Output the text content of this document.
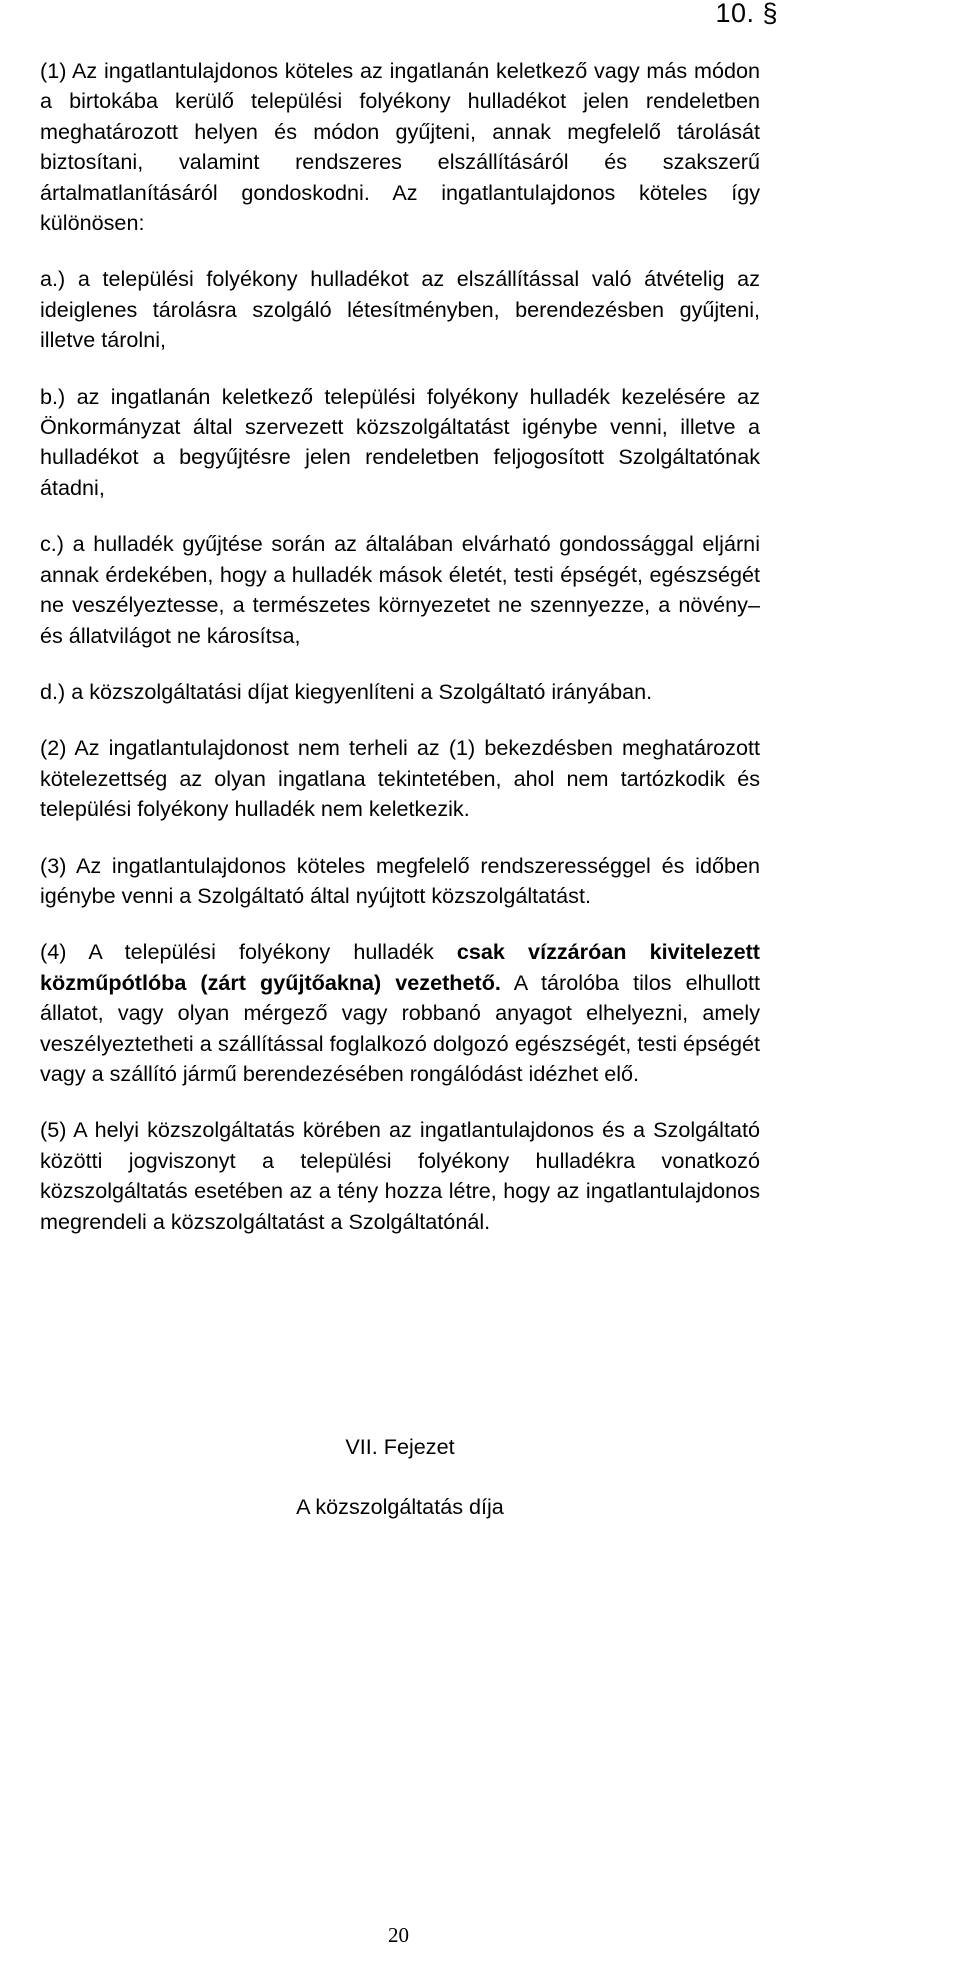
10. §

(1) Az ingatlantulajdonos köteles az ingatlanán keletkező vagy más módon a birtokába kerülő települési folyékony hulladékot jelen rendeletben meghatározott helyen és módon gyűjteni, annak megfelelő tárolását biztosítani, valamint rendszeres elszállításáról és szakszerű ártalmatlanításáról gondoskodni. Az ingatlantulajdonos köteles így különösen:

a.) a települési folyékony hulladékot az elszállítással való átvételig az ideiglenes tárolásra szolgáló létesítményben, berendezésben gyűjteni, illetve tárolni,

b.) az ingatlanán keletkező települési folyékony hulladék kezelésére az Önkormányzat által szervezett közszolgáltatást igénybe venni, illetve a hulladékot a begyűjtésre jelen rendeletben feljogosított Szolgáltatónak átadni,

c.) a hulladék gyűjtése során az általában elvárható gondossággal eljárni annak érdekében, hogy a hulladék mások életét, testi épségét, egészségét ne veszélyeztesse, a természetes környezetet ne szennyezze, a növény– és állatvilágot ne károsítsa,

d.) a közszolgáltatási díjat kiegyenlíteni a Szolgáltató irányában.

(2) Az ingatlantulajdonost nem terheli az (1) bekezdésben meghatározott kötelezettség az olyan ingatlana tekintetében, ahol nem tartózkodik és települési folyékony hulladék nem keletkezik.

(3) Az ingatlantulajdonos köteles megfelelő rendszerességgel és időben igénybe venni a Szolgáltató által nyújtott közszolgáltatást.

(4) A települési folyékony hulladék csak vízzáróan kivitelezett közműpótlóba (zárt gyűjtőakna) vezethető. A tárolóba tilos elhullott állatot, vagy olyan mérgező vagy robbanó anyagot elhelyezni, amely veszélyeztetheti a szállítással foglalkozó dolgozó egészségét, testi épségét vagy a szállító jármű berendezésében rongálódást idézhet elő.

(5) A helyi közszolgáltatás körében az ingatlantulajdonos és a Szolgáltató közötti jogviszonyt a települési folyékony hulladékra vonatkozó közszolgáltatás esetében az a tény hozza létre, hogy az ingatlantulajdonos megrendeli a közszolgáltatást a Szolgáltatónál.

VII. Fejezet

A közszolgáltatás díja

20
